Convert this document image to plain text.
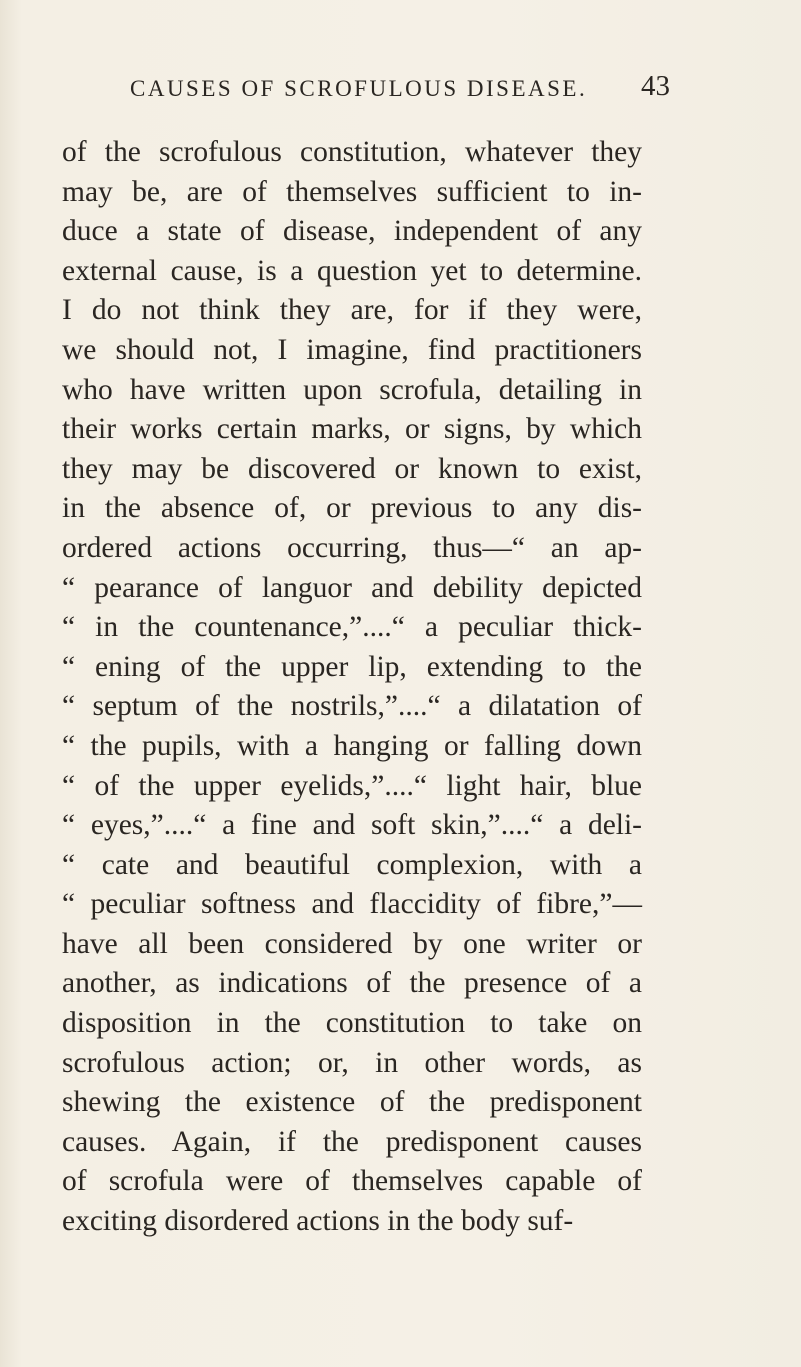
CAUSES OF SCROFULOUS DISEASE. 43
of the scrofulous constitution, whatever they
may be, are of themselves sufficient to in-
duce a state of disease, independent of any
external cause, is a question yet to determine.
I do not think they are, for if they were,
we should not, I imagine, find practitioners
who have written upon scrofula, detailing in
their works certain marks, or signs, by which
they may be discovered or known to exist,
in the absence of, or previous to any dis-
ordered actions occurring, thus—“ an ap-
“ pearance of languor and debility depicted
“ in the countenance,”....“ a peculiar thick-
“ ening of the upper lip, extending to the
“ septum of the nostrils,”....“ a dilatation of
“ the pupils, with a hanging or falling down
“ of the upper eyelids,”....“ light hair, blue
“ eyes,”....“ a fine and soft skin,”....“ a deli-
“ cate and beautiful complexion, with a
“ peculiar softness and flaccidity of fibre,”—
have all been considered by one writer or
another, as indications of the presence of a
disposition in the constitution to take on
scrofulous action; or, in other words, as
shewing the existence of the predisponent
causes. Again, if the predisponent causes
of scrofula were of themselves capable of
exciting disordered actions in the body suf-
